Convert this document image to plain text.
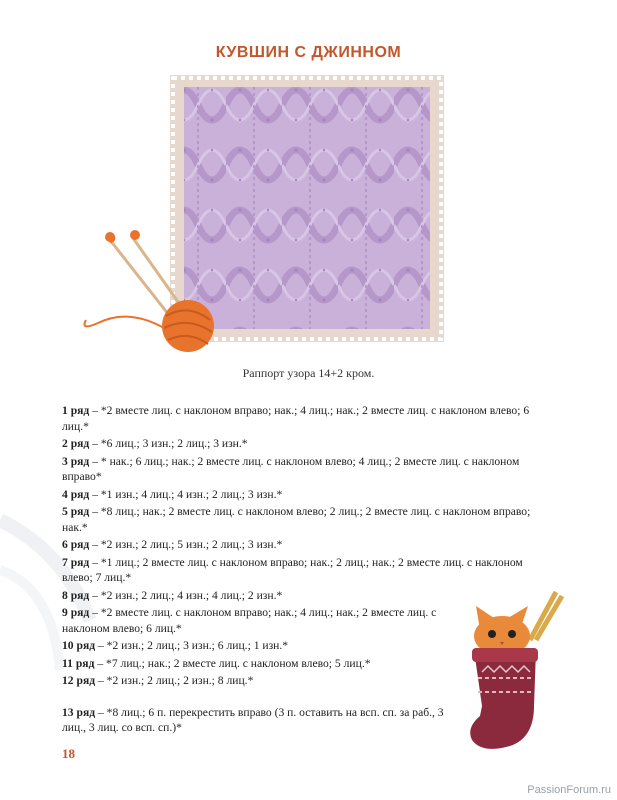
КУВШИН С ДЖИННОМ
Раппорт узора 14+2 кром.

1 ряд – *2 вместе лиц. с наклоном вправо; нак.; 4 лиц.; нак.; 2 вместе лиц. с наклоном влево; 6 лиц.*

2 ряд – *6 лиц.; 3 изн.; 2 лиц.; 3 изн.*

3 ряд – * нак.; 6 лиц.; нак.; 2 вместе лиц. с наклоном влево; 4 лиц.; 2 вместе лиц. с наклоном вправо*

4 ряд – *1 изн.; 4 лиц.; 4 изн.; 2 лиц.; 3 изн.*

5 ряд – *8 лиц.; нак.; 2 вместе лиц. с наклоном влево; 2 лиц.; 2 вместе лиц. с наклоном вправо; нак.*

6 ряд – *2 изн.; 2 лиц.; 5 изн.; 2 лиц.; 3 изн.*

7 ряд – *1 лиц.; 2 вместе лиц. с наклоном вправо; нак.; 2 лиц.; нак.; 2 вместе лиц. с наклоном влево; 7 лиц.*

8 ряд – *2 изн.; 2 лиц.; 4 изн.; 4 лиц.; 2 изн.*

9 ряд – *2 вместе лиц. с наклоном вправо; нак.; 4 лиц.; нак.; 2 вместе лиц. с наклоном влево; 6 лиц.*

10 ряд – *2 изн.; 2 лиц.; 3 изн.; 6 лиц.; 1 изн.*

11 ряд – *7 лиц.; нак.; 2 вместе лиц. с наклоном влево; 5 лиц.*

12 ряд – *2 изн.; 2 лиц.; 2 изн.; 8 лиц.*

13 ряд – *8 лиц.; 6 п. перекрестить вправо (3 п. оставить на всп. сп. за раб., 3 лиц., 3 лиц. со всп. сп.)*

18
PassionForum.ru
